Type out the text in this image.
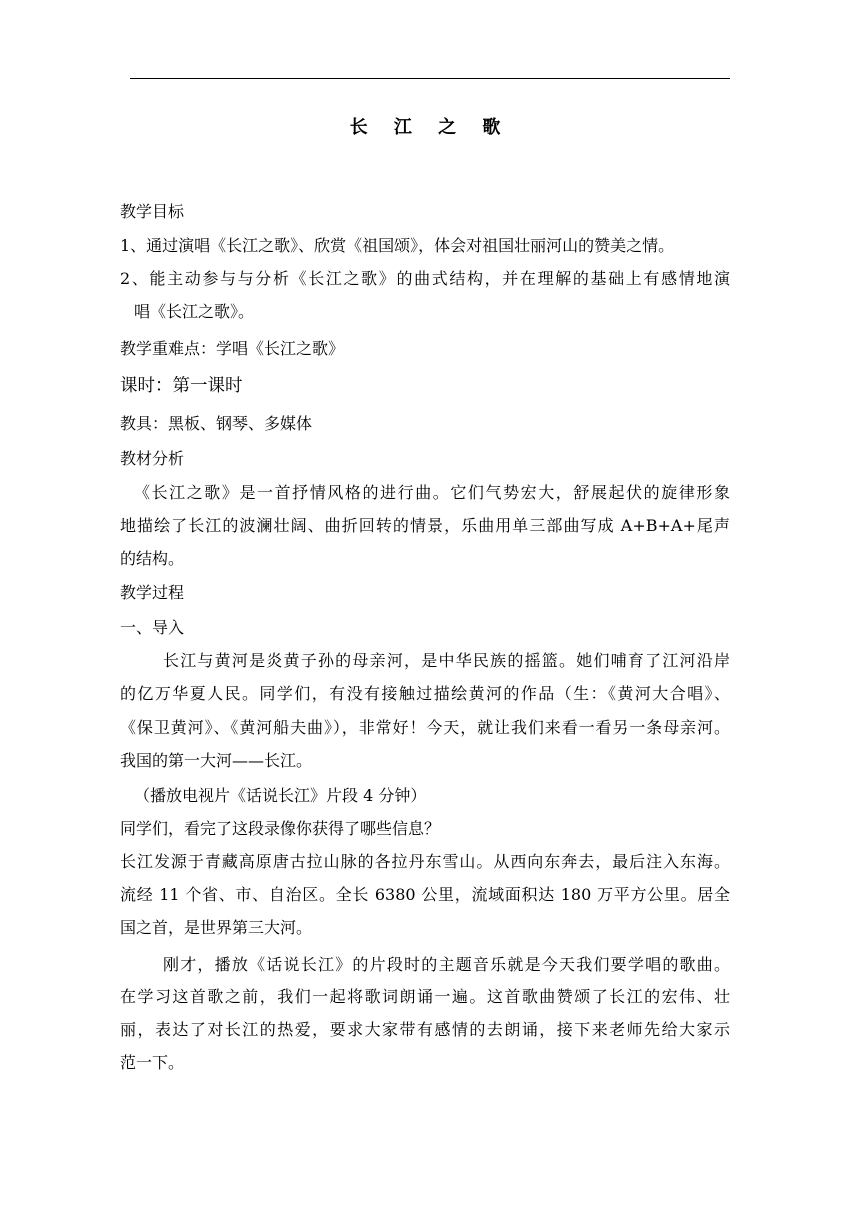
长 江 之 歌
教学目标
1、通过演唱《长江之歌》、欣赏《祖国颂》，体会对祖国壮丽河山的赞美之情。
2、能主动参与与分析《长江之歌》的曲式结构，并在理解的基础上有感情地演
唱《长江之歌》。
教学重难点：学唱《长江之歌》
课时：第一课时
教具：黑板、钢琴、多媒体
教材分析
《长江之歌》是一首抒情风格的进行曲。它们气势宏大，舒展起伏的旋律形象
地描绘了长江的波澜壮阔、曲折回转的情景，乐曲用单三部曲写成 A+B+A+尾声
的结构。
教学过程
一、导入
长江与黄河是炎黄子孙的母亲河，是中华民族的摇篮。她们哺育了江河沿岸
的亿万华夏人民。同学们，有没有接触过描绘黄河的作品（生：《黄河大合唱》、
《保卫黄河》、《黄河船夫曲》），非常好！今天，就让我们来看一看另一条母亲河。
我国的第一大河——长江。
（播放电视片《话说长江》片段 4 分钟）
同学们，看完了这段录像你获得了哪些信息？
长江发源于青藏高原唐古拉山脉的各拉丹东雪山。从西向东奔去，最后注入东海。
流经 11 个省、市、自治区。全长 6380 公里，流域面积达 180 万平方公里。居全
国之首，是世界第三大河。
刚才，播放《话说长江》的片段时的主题音乐就是今天我们要学唱的歌曲。
在学习这首歌之前，我们一起将歌词朗诵一遍。这首歌曲赞颂了长江的宏伟、壮
丽，表达了对长江的热爱，要求大家带有感情的去朗诵，接下来老师先给大家示
范一下。
